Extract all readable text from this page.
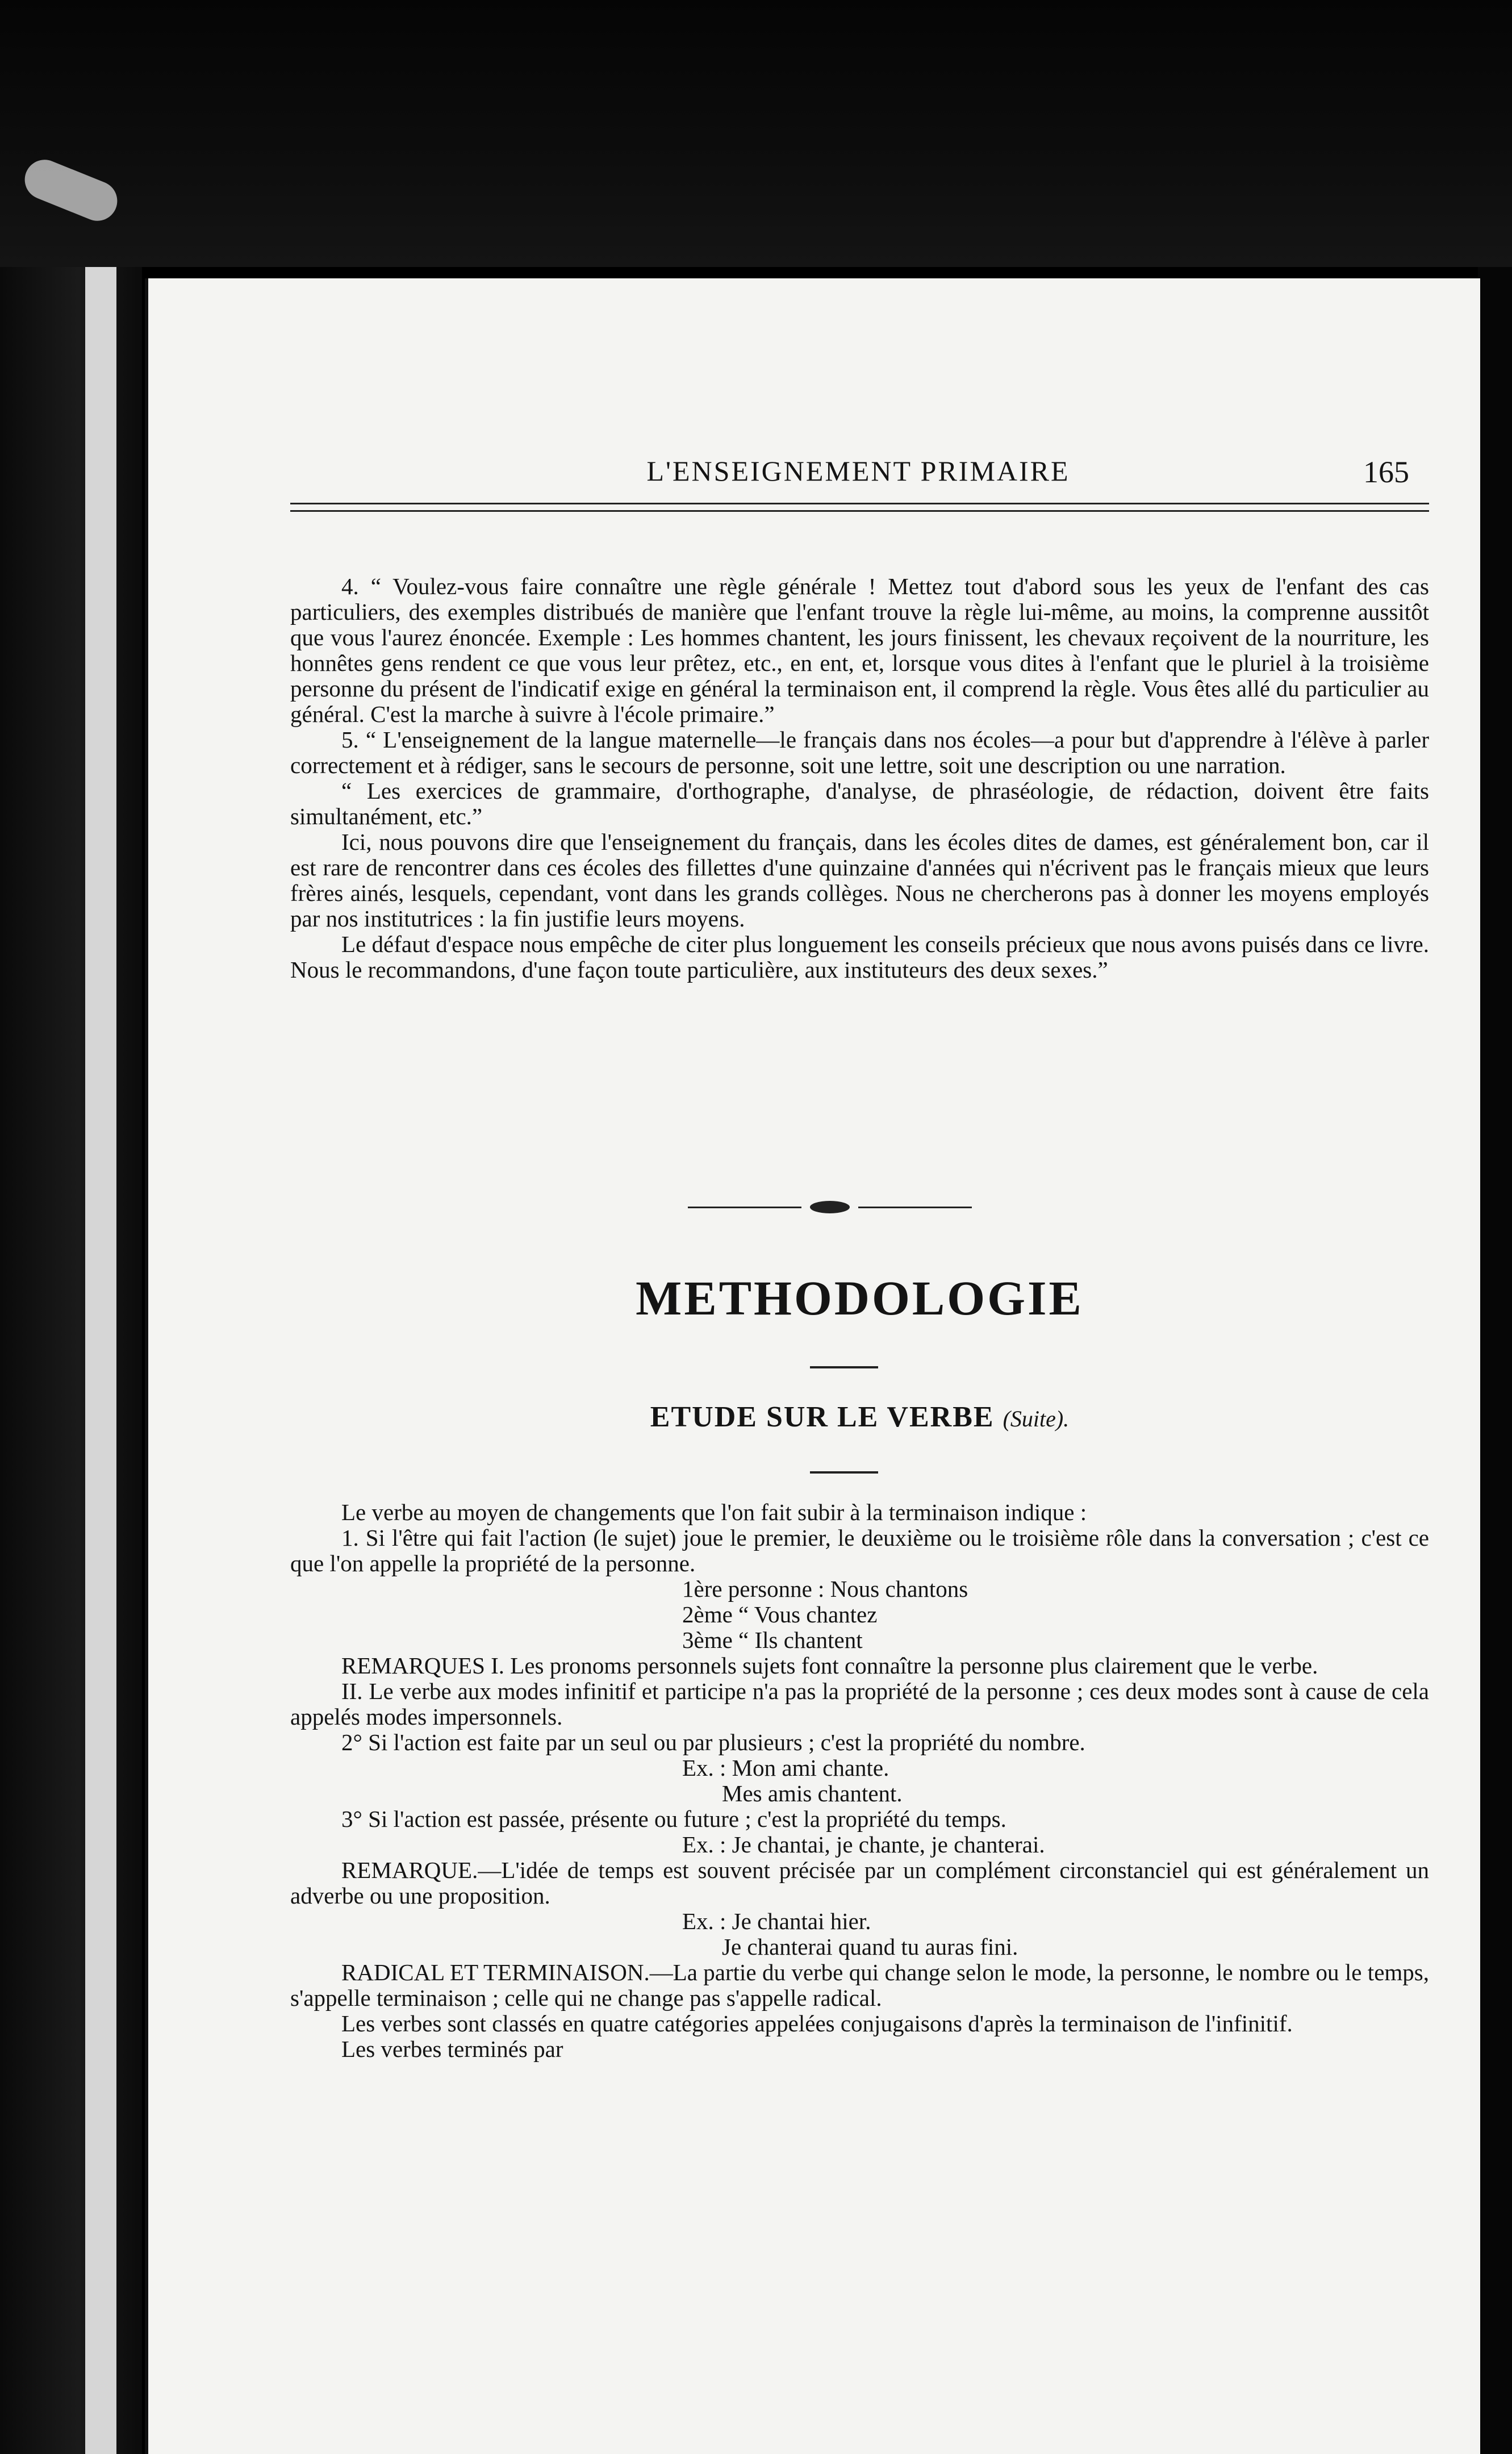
L'ENSEIGNEMENT PRIMAIRE	165

4. “ Voulez-vous faire connaître une règle générale ! Mettez tout d'abord sous les yeux de l'enfant des cas particuliers, des exemples distribués de manière que l'enfant trouve la règle lui-même, au moins, la comprenne aussitôt que vous l'aurez énoncée. Exemple : Les hommes chantent, les jours finissent, les chevaux reçoivent de la nourriture, les honnêtes gens rendent ce que vous leur prêtez, etc., en ent, et, lorsque vous dites à l'enfant que le pluriel à la troisième personne du présent de l'indicatif exige en général la terminaison ent, il comprend la règle. Vous êtes allé du particulier au général. C'est la marche à suivre à l'école primaire.”

5. “ L'enseignement de la langue maternelle—le français dans nos écoles—a pour but d'apprendre à l'élève à parler correctement et à rédiger, sans le secours de personne, soit une lettre, soit une description ou une narration.

“ Les exercices de grammaire, d'orthographe, d'analyse, de phraséologie, de rédaction, doivent être faits simultanément, etc.”

Ici, nous pouvons dire que l'enseignement du français, dans les écoles dites de dames, est généralement bon, car il est rare de rencontrer dans ces écoles des fillettes d'une quinzaine d'années qui n'écrivent pas le français mieux que leurs frères ainés, lesquels, cependant, vont dans les grands collèges. Nous ne chercherons pas à donner les moyens employés par nos institutrices : la fin justifie leurs moyens.

Le défaut d'espace nous empêche de citer plus longuement les conseils précieux que nous avons puisés dans ce livre. Nous le recommandons, d'une façon toute particulière, aux instituteurs des deux sexes.”

METHODOLOGIE
ETUDE SUR LE VERBE (Suite).

Le verbe au moyen de changements que l'on fait subir à la terminaison indique :

1. Si l'être qui fait l'action (le sujet) joue le premier, le deuxième ou le troisième rôle dans la conversation ; c'est ce que l'on appelle la propriété de la personne.

1ère personne : Nous chantons

2ème “ Vous chantez

3ème “ Ils chantent

REMARQUES I. Les pronoms personnels sujets font connaître la personne plus clairement que le verbe.

II. Le verbe aux modes infinitif et participe n'a pas la propriété de la personne ; ces deux modes sont à cause de cela appelés modes impersonnels.

2° Si l'action est faite par un seul ou par plusieurs ; c'est la propriété du nombre.

Ex. : Mon ami chante.

Mes amis chantent.

3° Si l'action est passée, présente ou future ; c'est la propriété du temps.

Ex. : Je chantai, je chante, je chanterai.

REMARQUE.—L'idée de temps est souvent précisée par un complément circonstanciel qui est généralement un adverbe ou une proposition.

Ex. : Je chantai hier.

Je chanterai quand tu auras fini.

RADICAL ET TERMINAISON.—La partie du verbe qui change selon le mode, la personne, le nombre ou le temps, s'appelle terminaison ; celle qui ne change pas s'appelle radical.

Les verbes sont classés en quatre catégories appelées conjugaisons d'après la terminaison de l'infinitif.

Les verbes terminés par
